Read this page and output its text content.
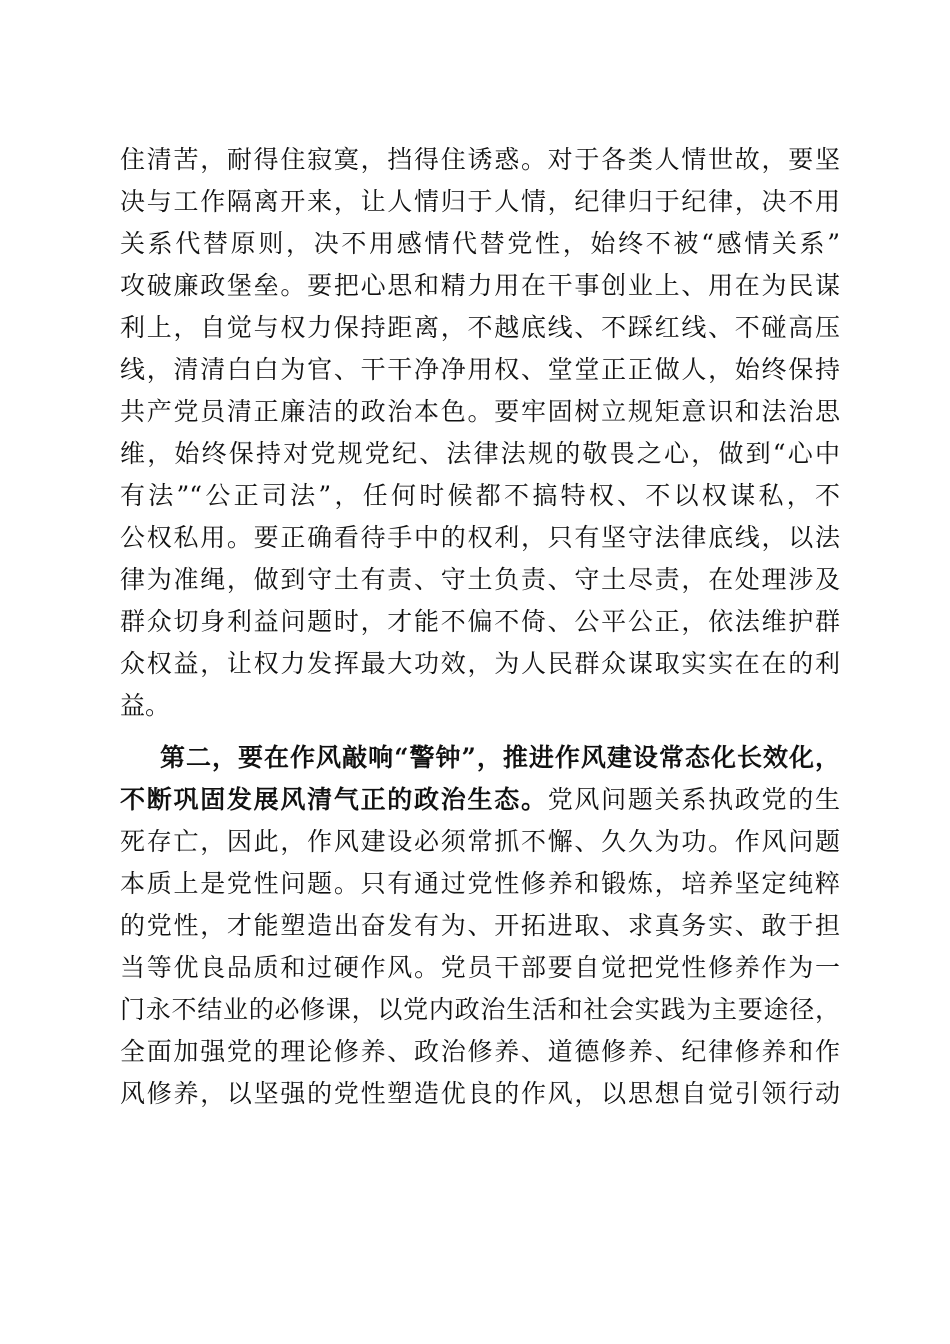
住清苦，耐得住寂寞，挡得住诱惑。对于各类人情世故，要坚
决与工作隔离开来，让人情归于人情，纪律归于纪律，决不用
关系代替原则，决不用感情代替党性，始终不被“感情关系”
攻破廉政堡垒。要把心思和精力用在干事创业上、用在为民谋
利上，自觉与权力保持距离，不越底线、不踩红线、不碰高压
线，清清白白为官、干干净净用权、堂堂正正做人，始终保持
共产党员清正廉洁的政治本色。要牢固树立规矩意识和法治思
维，始终保持对党规党纪、法律法规的敬畏之心，做到“心中
有法”“公正司法”，任何时候都不搞特权、不以权谋私，不
公权私用。要正确看待手中的权利，只有坚守法律底线，以法
律为准绳，做到守土有责、守土负责、守土尽责，在处理涉及
群众切身利益问题时，才能不偏不倚、公平公正，依法维护群
众权益，让权力发挥最大功效，为人民群众谋取实实在在的利
益。
第二，要在作风敲响“警钟”，推进作风建设常态化长效化，
不断巩固发展风清气正的政治生态。党风问题关系执政党的生
死存亡，因此，作风建设必须常抓不懈、久久为功。作风问题
本质上是党性问题。只有通过党性修养和锻炼，培养坚定纯粹
的党性，才能塑造出奋发有为、开拓进取、求真务实、敢于担
当等优良品质和过硬作风。党员干部要自觉把党性修养作为一
门永不结业的必修课，以党内政治生活和社会实践为主要途径，
全面加强党的理论修养、政治修养、道德修养、纪律修养和作
风修养，以坚强的党性塑造优良的作风，以思想自觉引领行动
